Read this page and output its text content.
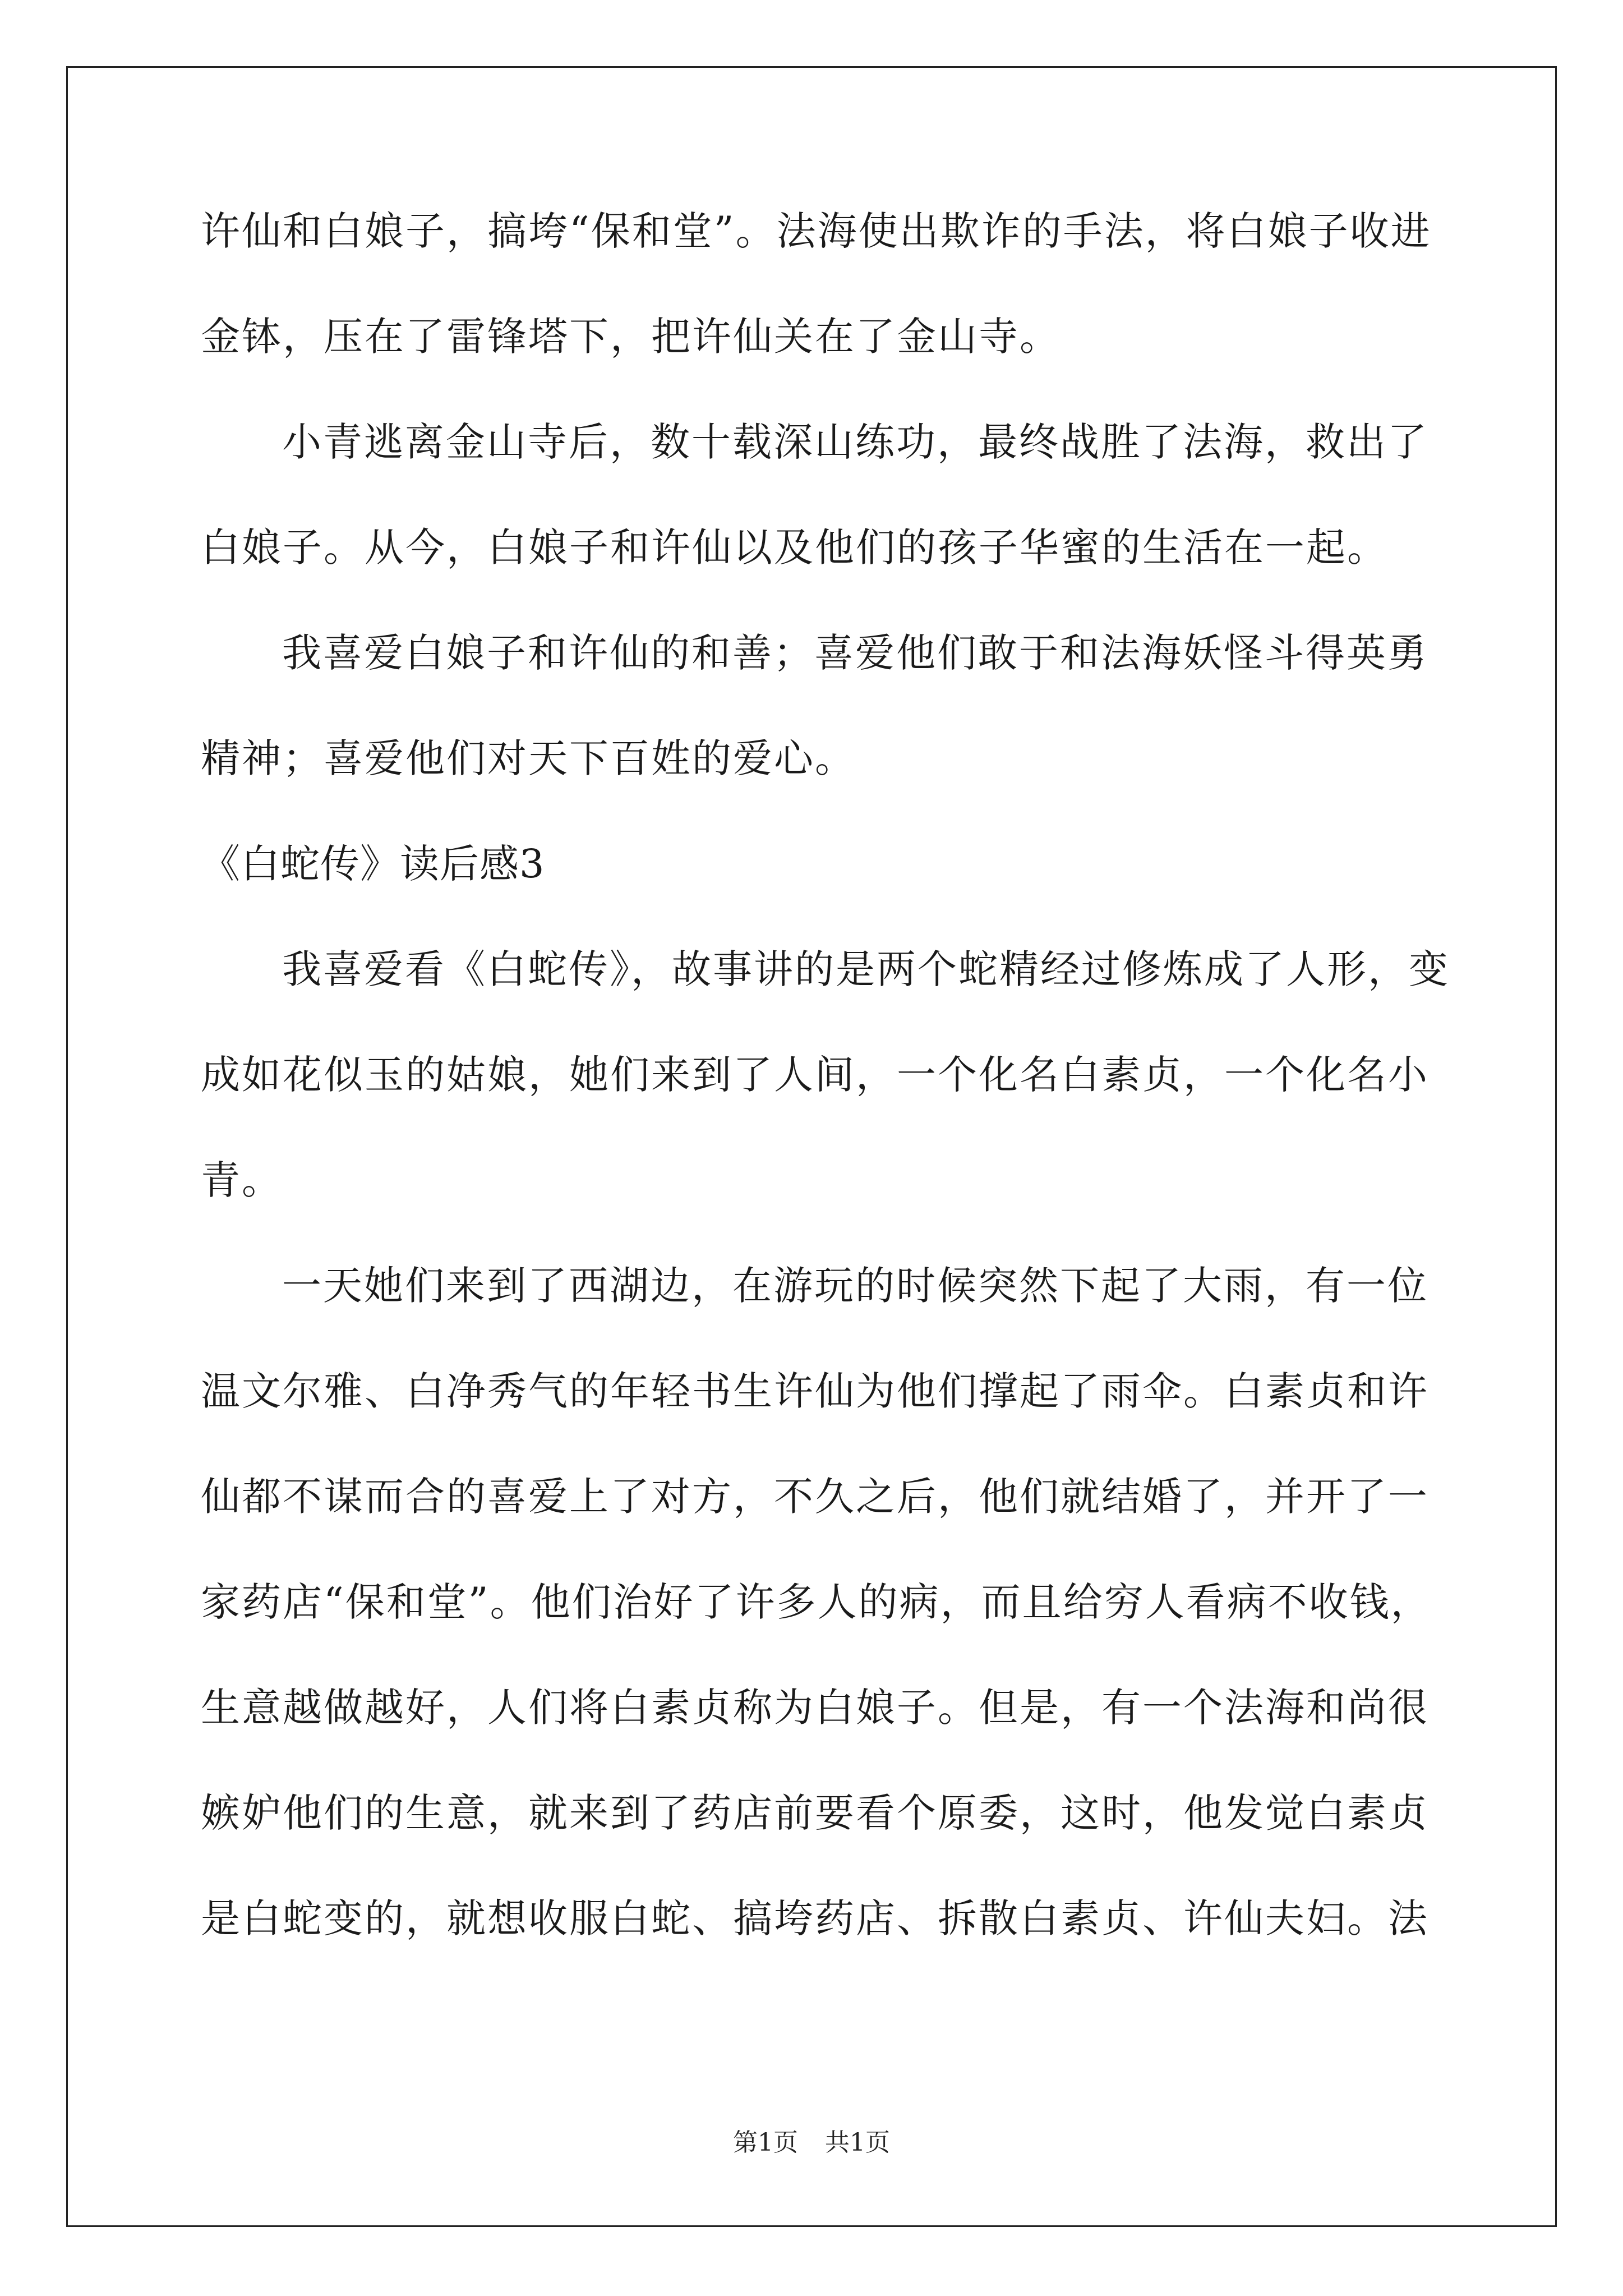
许仙和白娘子，搞垮“保和堂”。法海使出欺诈的手法，将白娘子收进
金钵，压在了雷锋塔下，把许仙关在了金山寺。
小青逃离金山寺后，数十载深山练功，最终战胜了法海，救出了
白娘子。从今，白娘子和许仙以及他们的孩子华蜜的生活在一起。
我喜爱白娘子和许仙的和善；喜爱他们敢于和法海妖怪斗得英勇
精神；喜爱他们对天下百姓的爱心。
《白蛇传》读后感3
我喜爱看《白蛇传》，故事讲的是两个蛇精经过修炼成了人形，变
成如花似玉的姑娘，她们来到了人间，一个化名白素贞，一个化名小
青。
一天她们来到了西湖边，在游玩的时候突然下起了大雨，有一位
温文尔雅、白净秀气的年轻书生许仙为他们撑起了雨伞。白素贞和许
仙都不谋而合的喜爱上了对方，不久之后，他们就结婚了，并开了一
家药店“保和堂”。他们治好了许多人的病，而且给穷人看病不收钱，
生意越做越好，人们将白素贞称为白娘子。但是，有一个法海和尚很
嫉妒他们的生意，就来到了药店前要看个原委，这时，他发觉白素贞
是白蛇变的，就想收服白蛇、搞垮药店、拆散白素贞、许仙夫妇。法
第1页 共1页
